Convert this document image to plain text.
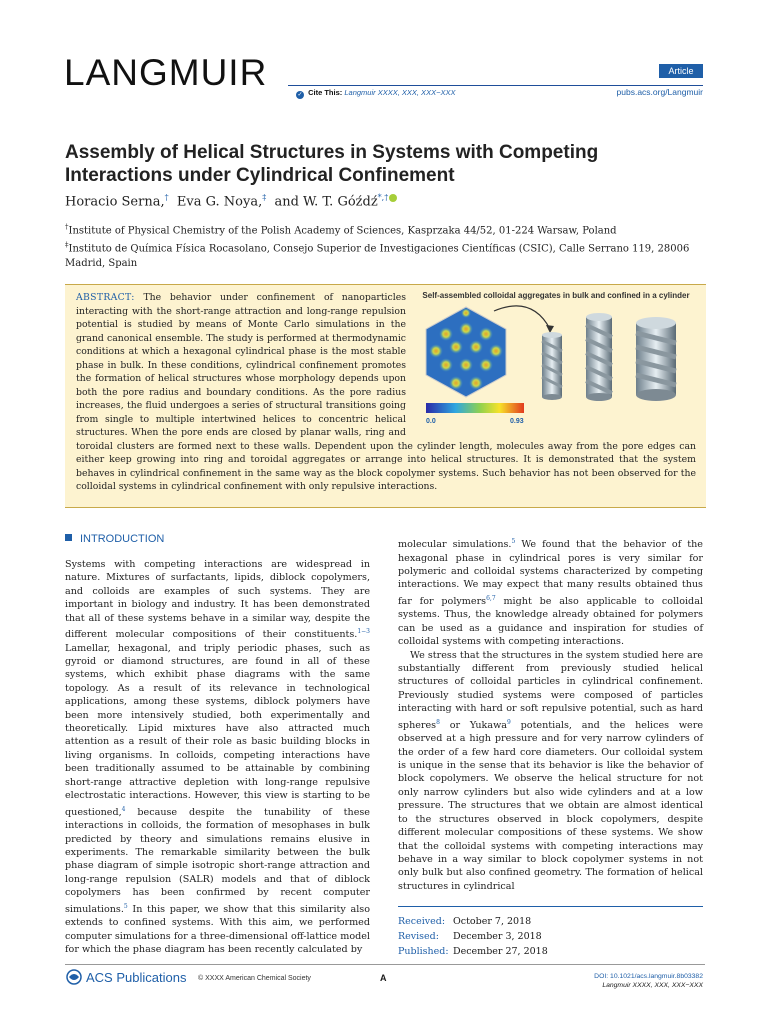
LANGMUIR	Article
✓ Cite This: Langmuir XXXX, XXX, XXX−XXX	pubs.acs.org/Langmuir
Assembly of Helical Structures in Systems with Competing Interactions under Cylindrical Confinement
Horacio Serna,† Eva G. Noya,‡ and W. T. Góźdź*,†
†Institute of Physical Chemistry of the Polish Academy of Sciences, Kasprzaka 44/52, 01-224 Warsaw, Poland
‡Instituto de Química Física Rocasolano, Consejo Superior de Investigaciones Científicas (CSIC), Calle Serrano 119, 28006 Madrid, Spain
Self-assembled colloidal aggregates in bulk and confined in a cylinder
0.0	0.93
ABSTRACT: The behavior under confinement of nanoparticles interacting with the short-range attraction and long-range repulsion potential is studied by means of Monte Carlo simulations in the grand canonical ensemble. The study is performed at thermodynamic conditions at which a hexagonal cylindrical phase is the most stable phase in bulk. In these conditions, cylindrical confinement promotes the formation of helical structures whose morphology depends upon both the pore radius and boundary conditions. As the pore radius increases, the fluid undergoes a series of structural transitions going from single to multiple intertwined helices to concentric helical structures. When the pore ends are closed by planar walls, ring and toroidal clusters are formed next to these walls. Dependent upon the cylinder length, molecules away from the pore edges can either keep growing into ring and toroidal aggregates or arrange into helical structures. It is demonstrated that the system behaves in cylindrical confinement in the same way as the block copolymer systems. Such behavior has not been observed for the colloidal systems in cylindrical confinement with only repulsive interactions.
INTRODUCTION

Systems with competing interactions are widespread in nature. Mixtures of surfactants, lipids, diblock copolymers, and colloids are examples of such systems. They are important in biology and industry. It has been demonstrated that all of these systems behave in a similar way, despite the different molecular compositions of their constituents.$^{1-3}$ Lamellar, hexagonal, and triply periodic phases, such as gyroid or diamond structures, are found in all of these systems, which exhibit phase diagrams with the same topology. As a result of its relevance in technological applications, among these systems, diblock polymers have been more intensively studied, both experimentally and theoretically. Lipid mixtures have also attracted much attention as a result of their role as basic building blocks in living organisms. In colloids, competing interactions have been traditionally assumed to be attainable by combining short-range attractive depletion with long-range repulsive electrostatic interactions. However, this view is starting to be questioned,$^4$ because despite the tunability of these interactions in colloids, the formation of mesophases in bulk predicted by theory and simulations remains elusive in experiments. The remarkable similarity between the bulk phase diagram of simple isotropic short-range attraction and long-range repulsion (SALR) models and that of diblock copolymers has been confirmed by recent computer simulations.$^5$ In this paper, we show that this similarity also extends to confined systems. With this aim, we performed computer simulations for a three-dimensional off-lattice model for which the phase diagram has been recently calculated by

molecular simulations.$^5$ We found that the behavior of the hexagonal phase in cylindrical pores is very similar for polymeric and colloidal systems characterized by competing interactions. We may expect that many results obtained thus far for polymers$^{6,7}$ might be also applicable to colloidal systems. Thus, the knowledge already obtained for polymers can be used as a guidance and inspiration for studies of colloidal systems with competing interactions.

We stress that the structures in the system studied here are substantially different from previously studied helical structures of colloidal particles in cylindrical confinement. Previously studied systems were composed of particles interacting with hard or soft repulsive potential, such as hard spheres$^8$ or Yukawa$^9$ potentials, and the helices were observed at a high pressure and for very narrow cylinders of the order of a few hard core diameters. Our colloidal system is unique in the sense that its behavior is like the behavior of block copolymers. We observe the helical structure for not only narrow cylinders but also wide cylinders and at a low pressure. The structures that we obtain are almost identical to the structures observed in block copolymers, despite different molecular compositions of these systems. We show that the colloidal systems with competing interactions may behave in a way similar to block copolymer systems in not only bulk but also confined geometry. The formation of helical structures in cylindrical

Received: October 7, 2018
Revised: December 3, 2018
Published: December 27, 2018
ACS Publications © XXXX American Chemical Society	A	DOI: 10.1021/acs.langmuir.8b03382
Langmuir XXXX, XXX, XXX−XXX
